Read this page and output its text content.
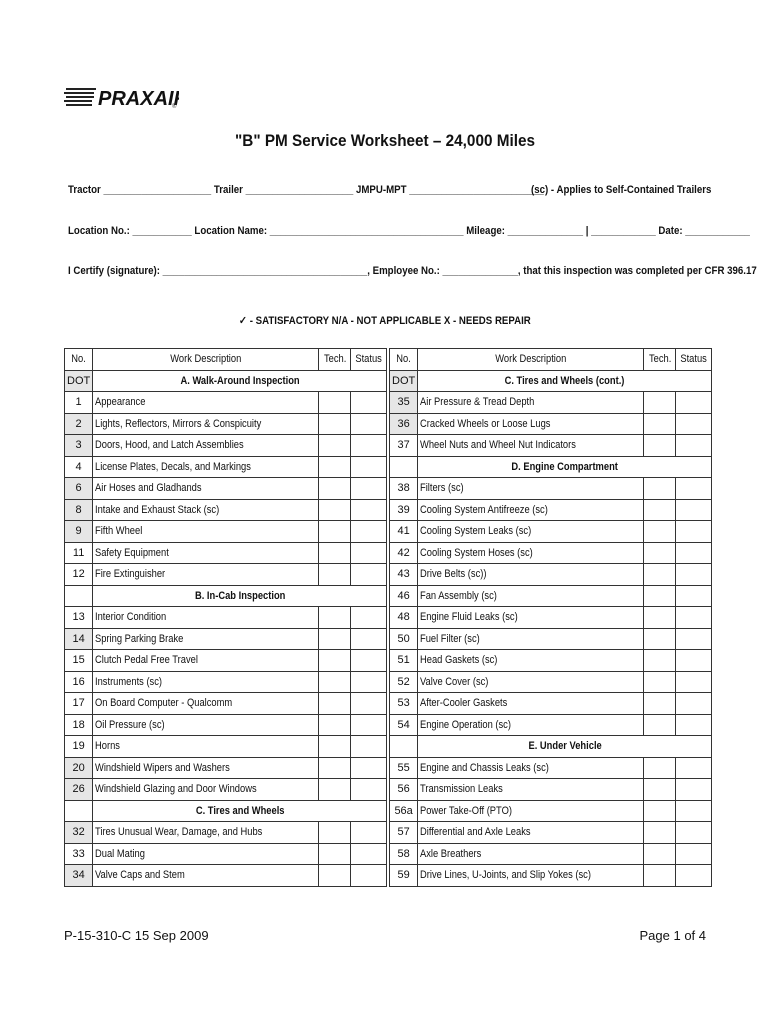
PRAXAI
®
"B" PM Service Worksheet – 24,000 Miles
Tractor ____________________ Trailer ____________________ JMPU-MPT _________________________
(sc) - Applies to Self-Contained Trailers
Location No.: ___________ Location Name: ____________________________________ Mileage: ______________ | ____________ Date: ____________
I Certify (signature): ______________________________________, Employee No.: ______________, that this inspection was completed per CFR 396.17
✓ - SATISFACTORY N/A - NOT APPLICABLE X - NEEDS REPAIR
No.	Work Description	Tech.	Status
DOT	A. Walk-Around Inspection		
1	Appearance		
2	Lights, Reflectors, Mirrors & Conspicuity		
3	Doors, Hood, and Latch Assemblies		
4	License Plates, Decals, and Markings		
6	Air Hoses and Gladhands		
8	Intake and Exhaust Stack (sc)		
9	Fifth Wheel		
11	Safety Equipment		
12	Fire Extinguisher		
	B. In-Cab Inspection		
13	Interior Condition		
14	Spring Parking Brake		
15	Clutch Pedal Free Travel		
16	Instruments (sc)		
17	On Board Computer - Qualcomm		
18	Oil Pressure (sc)		
19	Horns		
20	Windshield Wipers and Washers		
26	Windshield Glazing and Door Windows		
	C. Tires and Wheels		
32	Tires Unusual Wear, Damage, and Hubs		
33	Dual Mating		
34	Valve Caps and Stem		
No.	Work Description	Tech.	Status
DOT	C. Tires and Wheels (cont.)		
35	Air Pressure & Tread Depth		
36	Cracked Wheels or Loose Lugs		
37	Wheel Nuts and Wheel Nut Indicators		
	D. Engine Compartment		
38	Filters (sc)		
39	Cooling System Antifreeze (sc)		
41	Cooling System Leaks (sc)		
42	Cooling System Hoses (sc)		
43	Drive Belts (sc))		
46	Fan Assembly (sc)		
48	Engine Fluid Leaks (sc)		
50	Fuel Filter (sc)		
51	Head Gaskets (sc)		
52	Valve Cover (sc)		
53	After-Cooler Gaskets		
54	Engine Operation (sc)		
	E. Under Vehicle		
55	Engine and Chassis Leaks (sc)		
56	Transmission Leaks		
56a	Power Take-Off (PTO)		
57	Differential and Axle Leaks		
58	Axle Breathers		
59	Drive Lines, U-Joints, and Slip Yokes (sc)		
P-15-310-C 15 Sep 2009	Page 1 of 4
